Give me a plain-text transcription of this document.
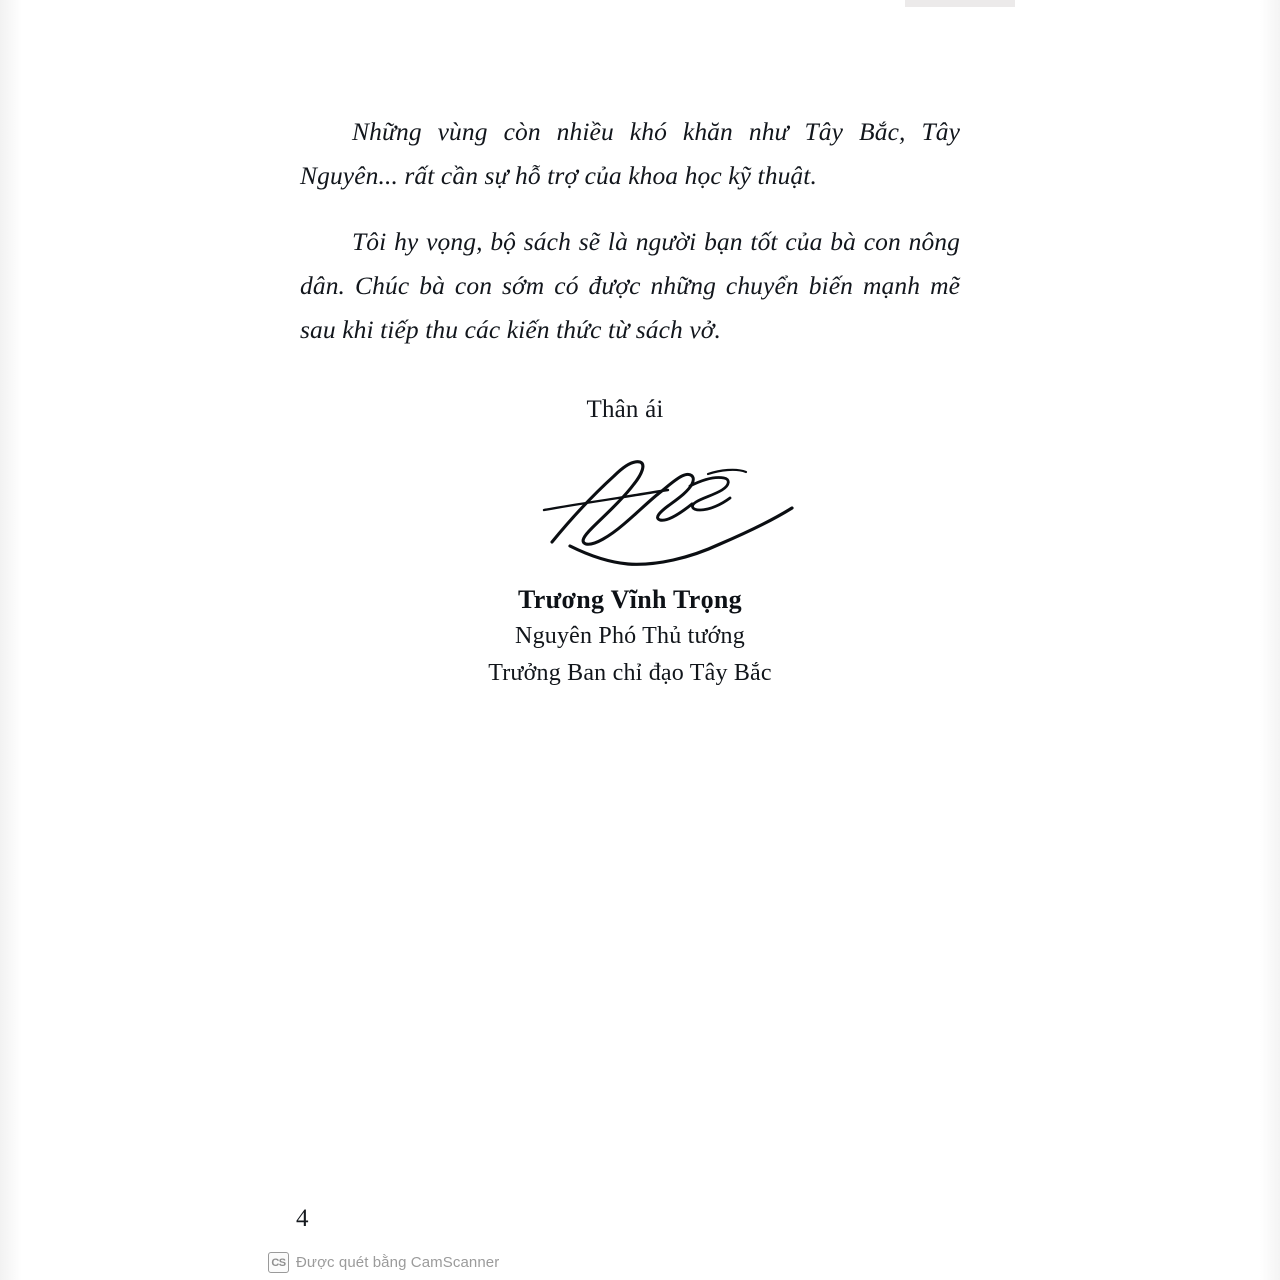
Những vùng còn nhiều khó khăn như Tây Bắc, Tây Nguyên... rất cần sự hỗ trợ của khoa học kỹ thuật.

Tôi hy vọng, bộ sách sẽ là người bạn tốt của bà con nông dân. Chúc bà con sớm có được những chuyển biến mạnh mẽ sau khi tiếp thu các kiến thức từ sách vở.

Thân ái
Trương Vĩnh Trọng
Nguyên Phó Thủ tướng
Trưởng Ban chỉ đạo Tây Bắc
4
CS Được quét bằng CamScanner
